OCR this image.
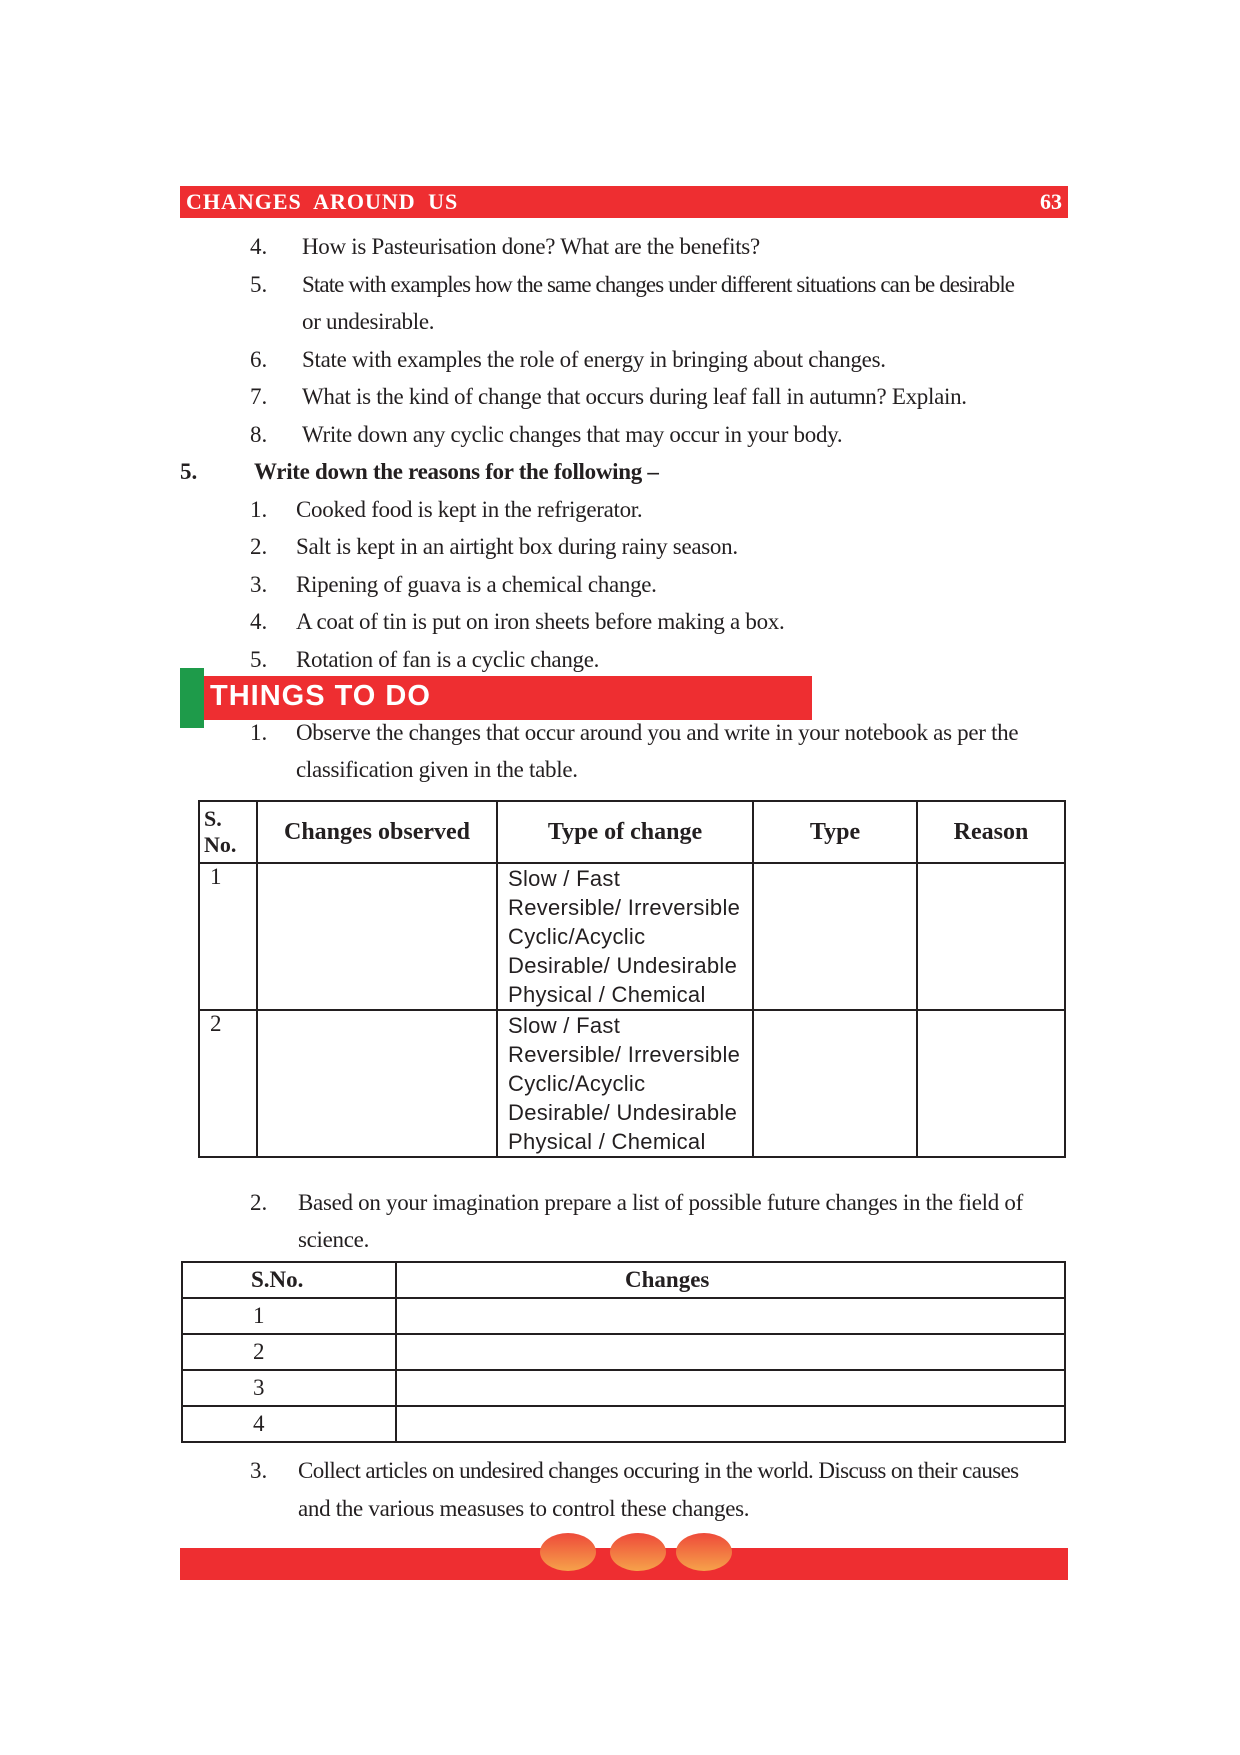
CHANGES AROUND US	63
4. How is Pasteurisation done? What are the benefits?
5. State with examples how the same changes under different situations can be desirable
or undesirable.
6. State with examples the role of energy in bringing about changes.
7. What is the kind of change that occurs during leaf fall in autumn? Explain.
8. Write down any cyclic changes that may occur in your body.
5. Write down the reasons for the following –
1. Cooked food is kept in the refrigerator.
2. Salt is kept in an airtight box during rainy season.
3. Ripening of guava is a chemical change.
4. A coat of tin is put on iron sheets before making a box.
5. Rotation of fan is a cyclic change.
THINGS TO DO
1. Observe the changes that occur around you and write in your notebook as per the
classification given in the table.
S.
No.	Changes observed	Type of change	Type	Reason
1		Slow / Fast
Reversible/ Irreversible
Cyclic/Acyclic
Desirable/ Undesirable
Physical / Chemical		

2		Slow / Fast
Reversible/ Irreversible
Cyclic/Acyclic
Desirable/ Undesirable
Physical / Chemical		

2. Based on your imagination prepare a list of possible future changes in the field of
science.
S.No.	Changes
1	
2	
3	
4	
3. Collect articles on undesired changes occuring in the world. Discuss on their causes
and the various measuses to control these changes.
